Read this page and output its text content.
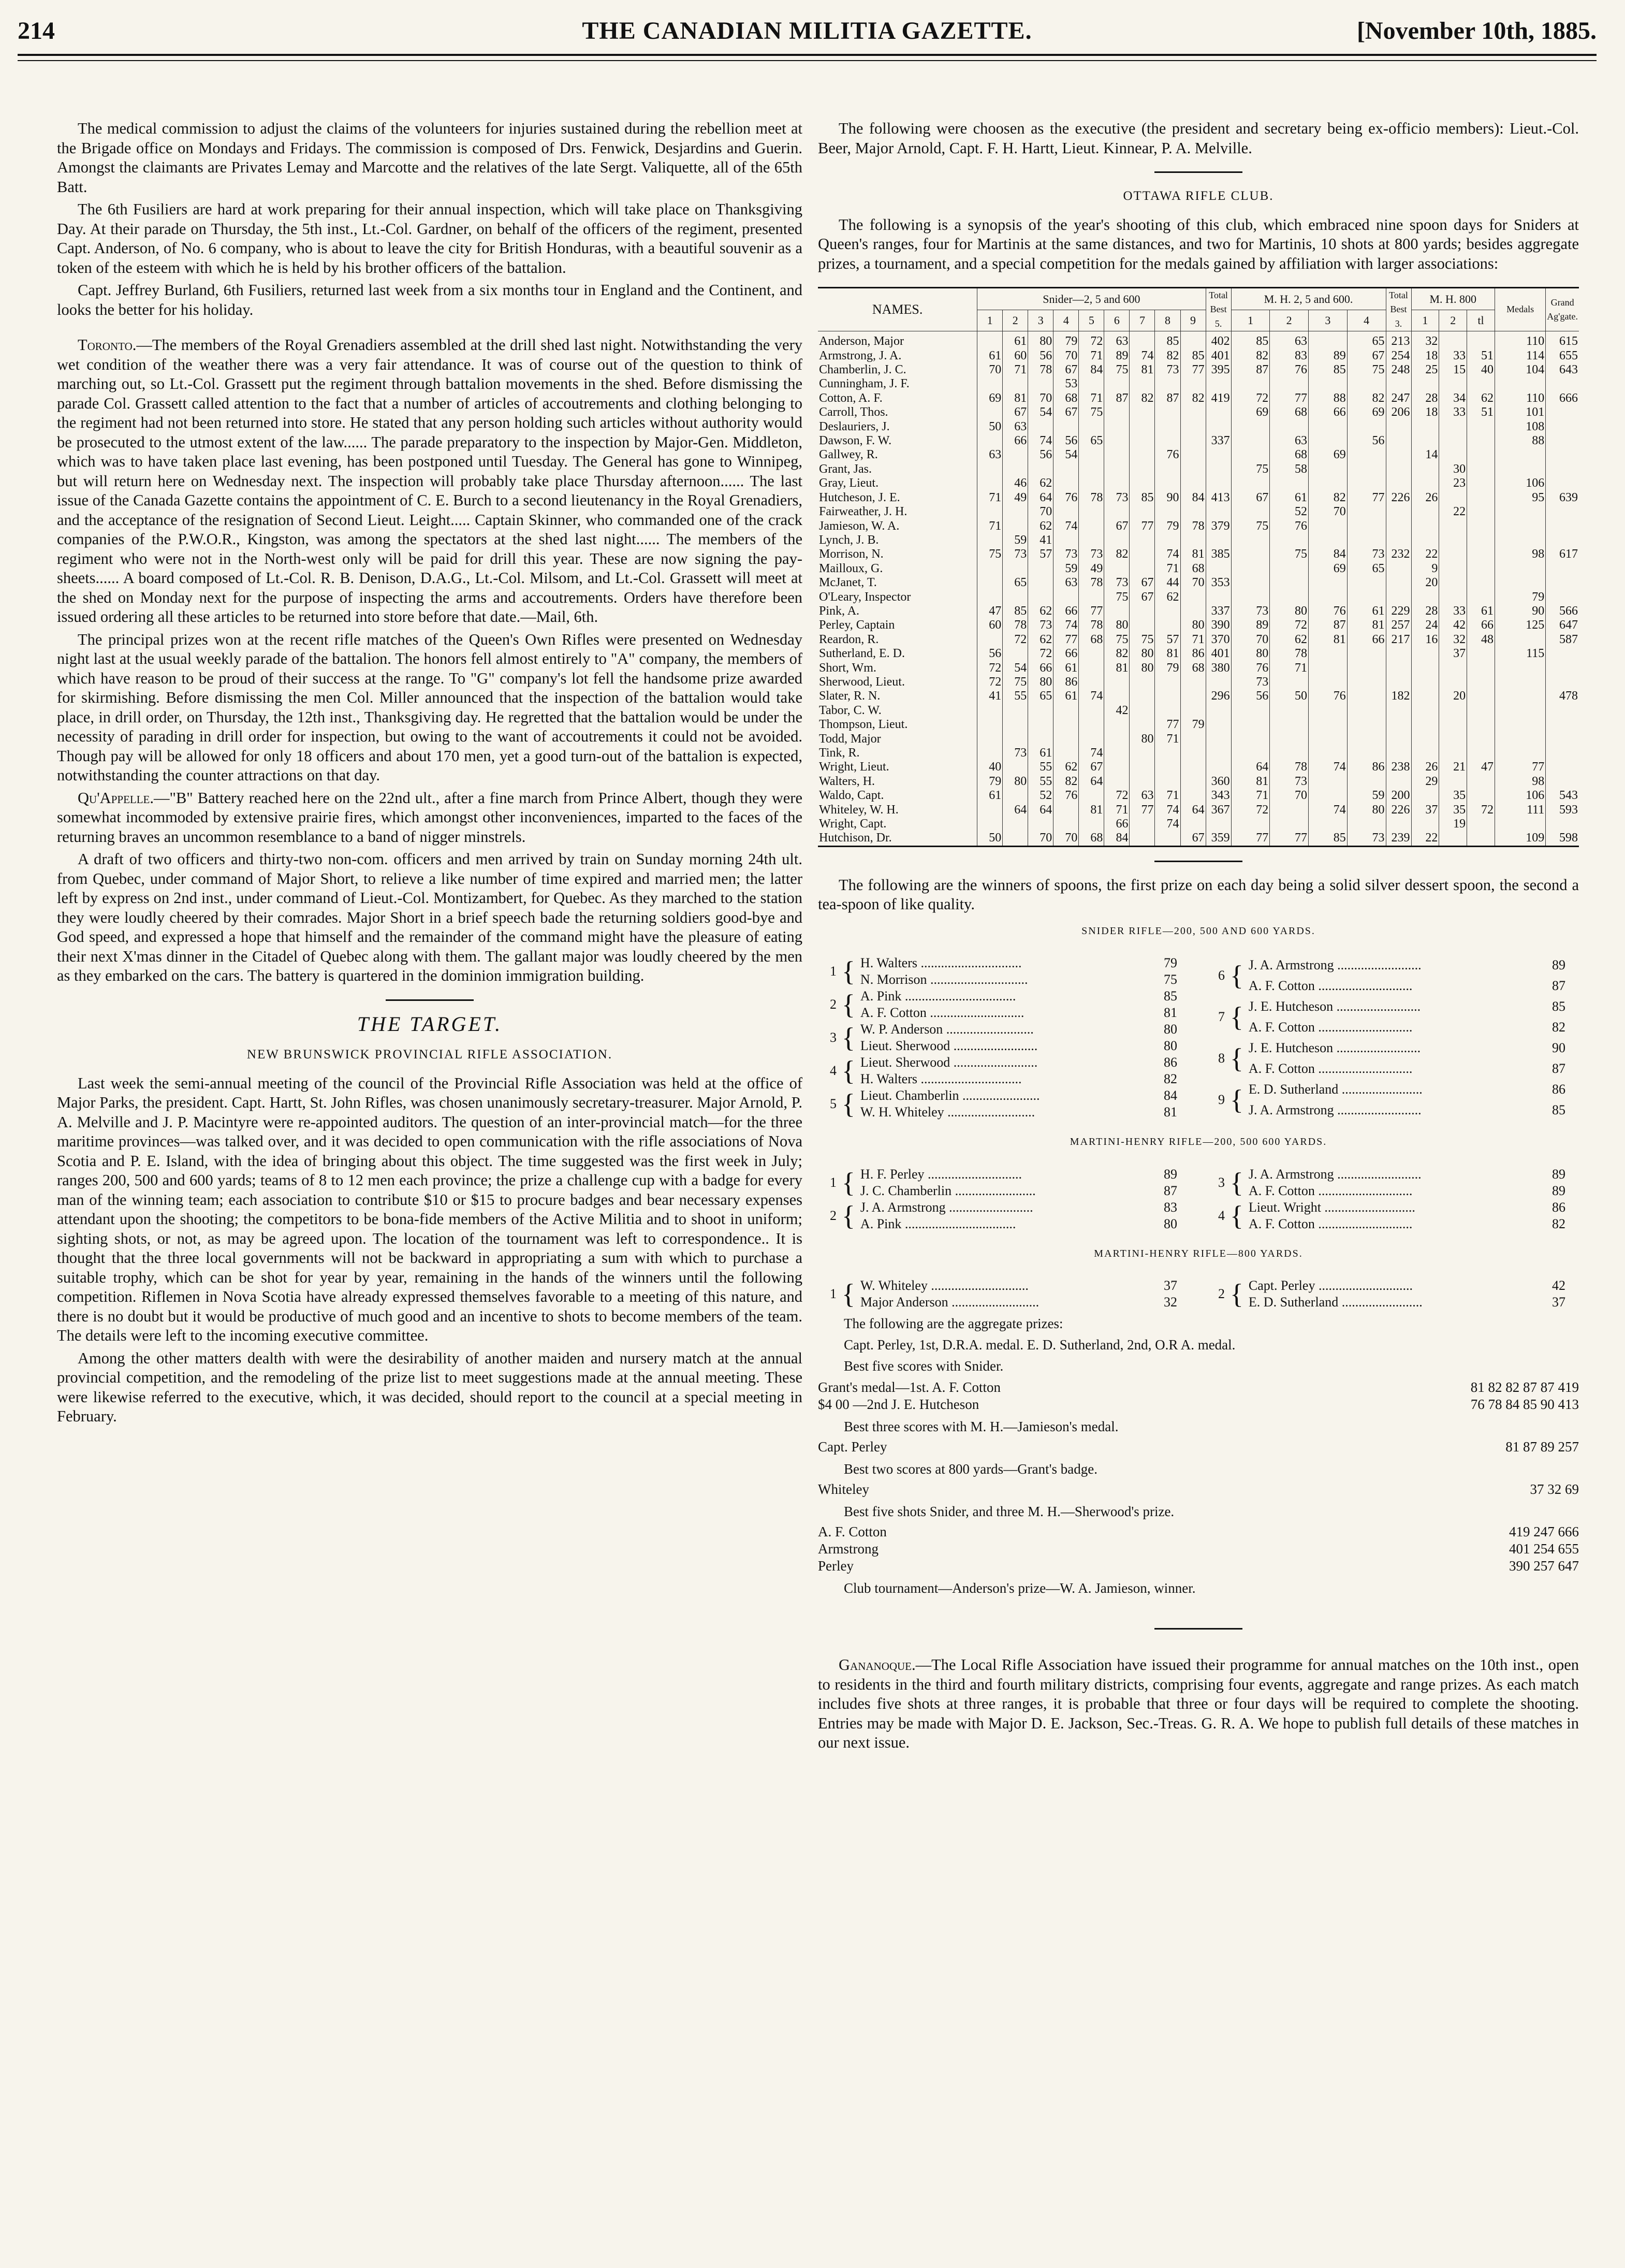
214	THE CANADIAN MILITIA GAZETTE.	[November 10th, 1885.

The medical commission to adjust the claims of the volunteers for injuries sustained during the rebellion meet at the Brigade office on Mondays and Fridays. The commission is composed of Drs. Fenwick, Desjardins and Guerin. Amongst the claimants are Privates Lemay and Marcotte and the relatives of the late Sergt. Valiquette, all of the 65th Batt.

The 6th Fusiliers are hard at work preparing for their annual inspection, which will take place on Thanksgiving Day. At their parade on Thursday, the 5th inst., Lt.-Col. Gardner, on behalf of the officers of the regiment, presented Capt. Anderson, of No. 6 company, who is about to leave the city for British Honduras, with a beautiful souvenir as a token of the esteem with which he is held by his brother officers of the battalion.

Capt. Jeffrey Burland, 6th Fusiliers, returned last week from a six months tour in England and the Continent, and looks the better for his holiday.

Toronto.—The members of the Royal Grenadiers assembled at the drill shed last night. Notwithstanding the very wet condition of the weather there was a very fair attendance. It was of course out of the question to think of marching out, so Lt.-Col. Grassett put the regiment through battalion movements in the shed. Before dismissing the parade Col. Grassett called attention to the fact that a number of articles of accoutrements and clothing belonging to the regiment had not been returned into store. He stated that any person holding such articles without authority would be prosecuted to the utmost extent of the law...... The parade preparatory to the inspection by Major-Gen. Middleton, which was to have taken place last evening, has been postponed until Tuesday. The General has gone to Winnipeg, but will return here on Wednesday next. The inspection will probably take place Thursday afternoon...... The last issue of the Canada Gazette contains the appointment of C. E. Burch to a second lieutenancy in the Royal Grenadiers, and the acceptance of the resignation of Second Lieut. Leight..... Captain Skinner, who commanded one of the crack companies of the P.W.O.R., Kingston, was among the spectators at the shed last night...... The members of the regiment who were not in the North-west only will be paid for drill this year. These are now signing the pay-sheets...... A board composed of Lt.-Col. R. B. Denison, D.A.G., Lt.-Col. Milsom, and Lt.-Col. Grassett will meet at the shed on Monday next for the purpose of inspecting the arms and accoutrements. Orders have therefore been issued ordering all these articles to be returned into store before that date.—Mail, 6th.

The principal prizes won at the recent rifle matches of the Queen's Own Rifles were presented on Wednesday night last at the usual weekly parade of the battalion. The honors fell almost entirely to "A" company, the members of which have reason to be proud of their success at the range. To "G" company's lot fell the handsome prize awarded for skirmishing. Before dismissing the men Col. Miller announced that the inspection of the battalion would take place, in drill order, on Thursday, the 12th inst., Thanksgiving day. He regretted that the battalion would be under the necessity of parading in drill order for inspection, but owing to the want of accoutrements it could not be avoided. Though pay will be allowed for only 18 officers and about 170 men, yet a good turn-out of the battalion is expected, notwithstanding the counter attractions on that day.

Qu'Appelle.—"B" Battery reached here on the 22nd ult., after a fine march from Prince Albert, though they were somewhat incommoded by extensive prairie fires, which amongst other inconveniences, imparted to the faces of the returning braves an uncommon resemblance to a band of nigger minstrels.

A draft of two officers and thirty-two non-com. officers and men arrived by train on Sunday morning 24th ult. from Quebec, under command of Major Short, to relieve a like number of time expired and married men; the latter left by express on 2nd inst., under command of Lieut.-Col. Montizambert, for Quebec. As they marched to the station they were loudly cheered by their comrades. Major Short in a brief speech bade the returning soldiers good-bye and God speed, and expressed a hope that himself and the remainder of the command might have the pleasure of eating their next X'mas dinner in the Citadel of Quebec along with them. The gallant major was loudly cheered by the men as they embarked on the cars. The battery is quartered in the dominion immigration building.

THE TARGET.
NEW BRUNSWICK PROVINCIAL RIFLE ASSOCIATION.

Last week the semi-annual meeting of the council of the Provincial Rifle Association was held at the office of Major Parks, the president. Capt. Hartt, St. John Rifles, was chosen unanimously secretary-treasurer. Major Arnold, P. A. Melville and J. P. Macintyre were re-appointed auditors. The question of an inter-provincial match—for the three maritime provinces—was talked over, and it was decided to open communication with the rifle associations of Nova Scotia and P. E. Island, with the idea of bringing about this object. The time suggested was the first week in July; ranges 200, 500 and 600 yards; teams of 8 to 12 men each province; the prize a challenge cup with a badge for every man of the winning team; each association to contribute $10 or $15 to procure badges and bear necessary expenses attendant upon the shooting; the competitors to be bona-fide members of the Active Militia and to shoot in uniform; sighting shots, or not, as may be agreed upon. The location of the tournament was left to correspondence.. It is thought that the three local governments will not be backward in appropriating a sum with which to purchase a suitable trophy, which can be shot for year by year, remaining in the hands of the winners until the following competition. Riflemen in Nova Scotia have already expressed themselves favorable to a meeting of this nature, and there is no doubt but it would be productive of much good and an incentive to shots to become members of the team. The details were left to the incoming executive committee.

Among the other matters dealth with were the desirability of another maiden and nursery match at the annual provincial competition, and the remodeling of the prize list to meet suggestions made at the annual meeting. These were likewise referred to the executive, which, it was decided, should report to the council at a special meeting in February.

The following were choosen as the executive (the president and secretary being ex-officio members): Lieut.-Col. Beer, Major Arnold, Capt. F. H. Hartt, Lieut. Kinnear, P. A. Melville.

OTTAWA RIFLE CLUB.

The following is a synopsis of the year's shooting of this club, which embraced nine spoon days for Sniders at Queen's ranges, four for Martinis at the same distances, and two for Martinis, 10 shots at 800 yards; besides aggregate prizes, a tournament, and a special competition for the medals gained by affiliation with larger associations:

NAMES.	Snider—2, 5 and 600									Total Best 5.	M. H. 2, 5 and 600.				Total Best 3.	M. H. 800			Medals	Grand Ag'gate.
	1	2	3	4	5	6	7	8	9		1	2	3	4		1	2	tl		
Anderson, Major		61	80	79	72	63		85		402	85	63		65	213	32			110	615
Armstrong, J. A.	61	60	56	70	71	89	74	82	85	401	82	83	89	67	254	18	33	51	114	655
Chamberlin, J. C.	70	71	78	67	84	75	81	73	77	395	87	76	85	75	248	25	15	40	104	643
Cunningham, J. F.				53																
Cotton, A. F.	69	81	70	68	71	87	82	87	82	419	72	77	88	82	247	28	34	62	110	666
Carroll, Thos.		67	54	67	75						69	68	66	69	206	18	33	51	101	
Deslauriers, J.	50	63																	108	
Dawson, F. W.		66	74	56	65					337		63		56					88	
Gallwey, R.	63		56	54				76				68	69			14				
Grant, Jas.											75	58					30			
Gray, Lieut.		46	62														23		106	
Hutcheson, J. E.	71	49	64	76	78	73	85	90	84	413	67	61	82	77	226	26			95	639
Fairweather, J. H.			70									52	70				22			
Jamieson, W. A.	71		62	74		67	77	79	78	379	75	76								
Lynch, J. B.		59	41																	
Morrison, N.	75	73	57	73	73	82		74	81	385		75	84	73	232	22			98	617
Mailloux, G.				59	49			71	68				69	65		9				
McJanet, T.		65		63	78	73	67	44	70	353						20				
O'Leary, Inspector						75	67	62											79	
Pink, A.	47	85	62	66	77					337	73	80	76	61	229	28	33	61	90	566
Perley, Captain	60	78	73	74	78	80			80	390	89	72	87	81	257	24	42	66	125	647
Reardon, R.		72	62	77	68	75	75	57	71	370	70	62	81	66	217	16	32	48		587
Sutherland, E. D.	56		72	66		82	80	81	86	401	80	78					37		115	
Short, Wm.	72	54	66	61		81	80	79	68	380	76	71								
Sherwood, Lieut.	72	75	80	86							73									
Slater, R. N.	41	55	65	61	74					296	56	50	76		182		20			478
Tabor, C. W.						42														
Thompson, Lieut.								77	79											
Todd, Major							80	71												
Tink, R.		73	61		74															
Wright, Lieut.	40		55	62	67						64	78	74	86	238	26	21	47	77	
Walters, H.	79	80	55	82	64					360	81	73				29			98	
Waldo, Capt.	61		52	76		72	63	71		343	71	70		59	200		35		106	543
Whiteley, W. H.		64	64		81	71	77	74	64	367	72		74	80	226	37	35	72	111	593
Wright, Capt.						66		74									19			
Hutchison, Dr.	50		70	70	68	84			67	359	77	77	85	73	239	22			109	598

The following are the winners of spoons, the first prize on each day being a solid silver dessert spoon, the second a tea-spoon of like quality.

SNIDER RIFLE—200, 500 AND 600 YARDS.
1	{	H. Walters ..............................	79
		N. Morrison .............................	75
2	{	A. Pink .................................	85
		A. F. Cotton ............................	81
3	{	W. P. Anderson ..........................	80
		Lieut. Sherwood .........................	80
4	{	Lieut. Sherwood .........................	86
		H. Walters ..............................	82
5	{	Lieut. Chamberlin .......................	84
		W. H. Whiteley ..........................	81
6	{	J. A. Armstrong .........................	89
		A. F. Cotton ............................	87
7	{	J. E. Hutcheson .........................	85
		A. F. Cotton ............................	82
8	{	J. E. Hutcheson .........................	90
		A. F. Cotton ............................	87
9	{	E. D. Sutherland ........................	86
		J. A. Armstrong .........................	85
MARTINI-HENRY RIFLE—200, 500 600 YARDS.
1	{	H. F. Perley ............................	89
		J. C. Chamberlin ........................	87
2	{	J. A. Armstrong .........................	83
		A. Pink .................................	80
3	{	J. A. Armstrong .........................	89
		A. F. Cotton ............................	89
4	{	Lieut. Wright ...........................	86
		A. F. Cotton ............................	82
MARTINI-HENRY RIFLE—800 YARDS.
1	{	W. Whiteley .............................	37
		Major Anderson ..........................	32
2	{	Capt. Perley ............................	42
		E. D. Sutherland ........................	37
The following are the aggregate prizes:
Capt. Perley, 1st, D.R.A. medal. E. D. Sutherland, 2nd, O.R A. medal.
Best five scores with Snider.
Grant's medal—1st. A. F. Cotton	81 82 82 87 87 419
$4 00 —2nd J. E. Hutcheson	76 78 84 85 90 413
Best three scores with M. H.—Jamieson's medal.
Capt. Perley	81 87 89 257
Best two scores at 800 yards—Grant's badge.
Whiteley	37 32 69
Best five shots Snider, and three M. H.—Sherwood's prize.
A. F. Cotton	419 247 666
Armstrong	401 254 655
Perley	390 257 647
Club tournament—Anderson's prize—W. A. Jamieson, winner.

Gananoque.—The Local Rifle Association have issued their programme for annual matches on the 10th inst., open to residents in the third and fourth military districts, comprising four events, aggregate and range prizes. As each match includes five shots at three ranges, it is probable that three or four days will be required to complete the shooting. Entries may be made with Major D. E. Jackson, Sec.-Treas. G. R. A. We hope to publish full details of these matches in our next issue.
